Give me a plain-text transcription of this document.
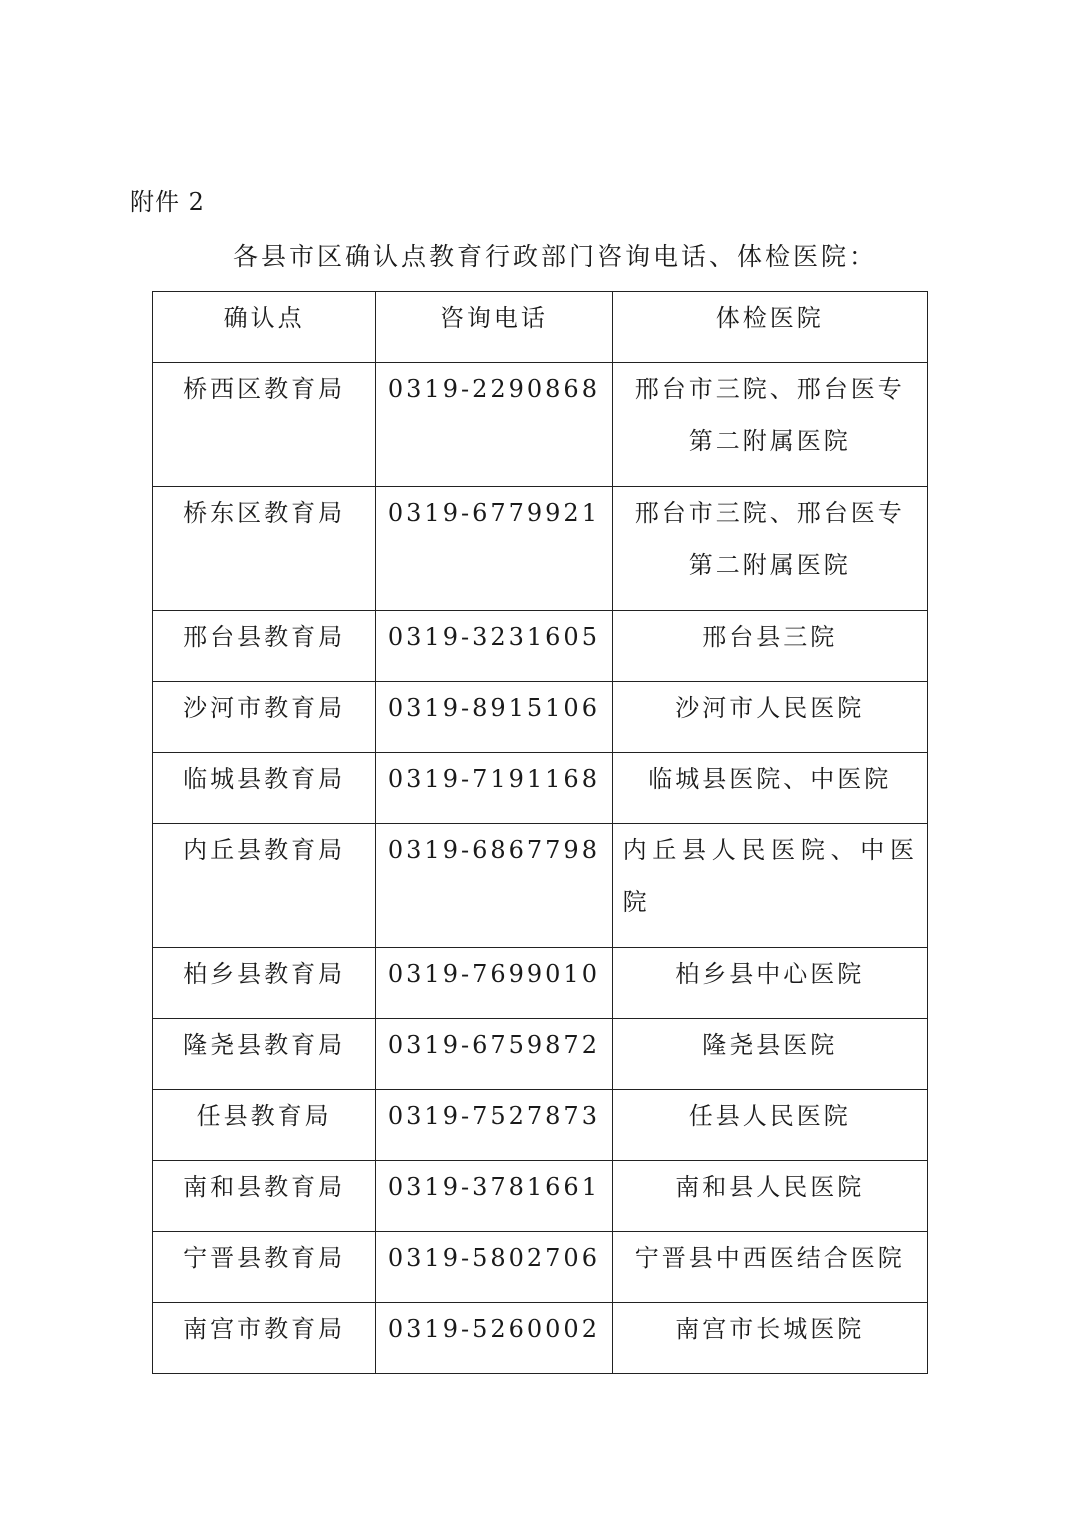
附件 2
各县市区确认点教育行政部门咨询电话、体检医院：
确认点	咨询电话	体检医院
桥西区教育局	0319-2290868	邢台市三院、邢台医专第二附属医院

桥东区教育局	0319-6779921	邢台市三院、邢台医专第二附属医院

邢台县教育局	0319-3231605	邢台县三院

沙河市教育局	0319-8915106	沙河市人民医院

临城县教育局	0319-7191168	临城县医院、中医院

内丘县教育局	0319-6867798	内丘县人民医院、中医院

柏乡县教育局	0319-7699010	柏乡县中心医院

隆尧县教育局	0319-6759872	隆尧县医院

任县教育局	0319-7527873	任县人民医院

南和县教育局	0319-3781661	南和县人民医院

宁晋县教育局	0319-5802706	宁晋县中西医结合医院

南宫市教育局	0319-5260002	南宫市长城医院
